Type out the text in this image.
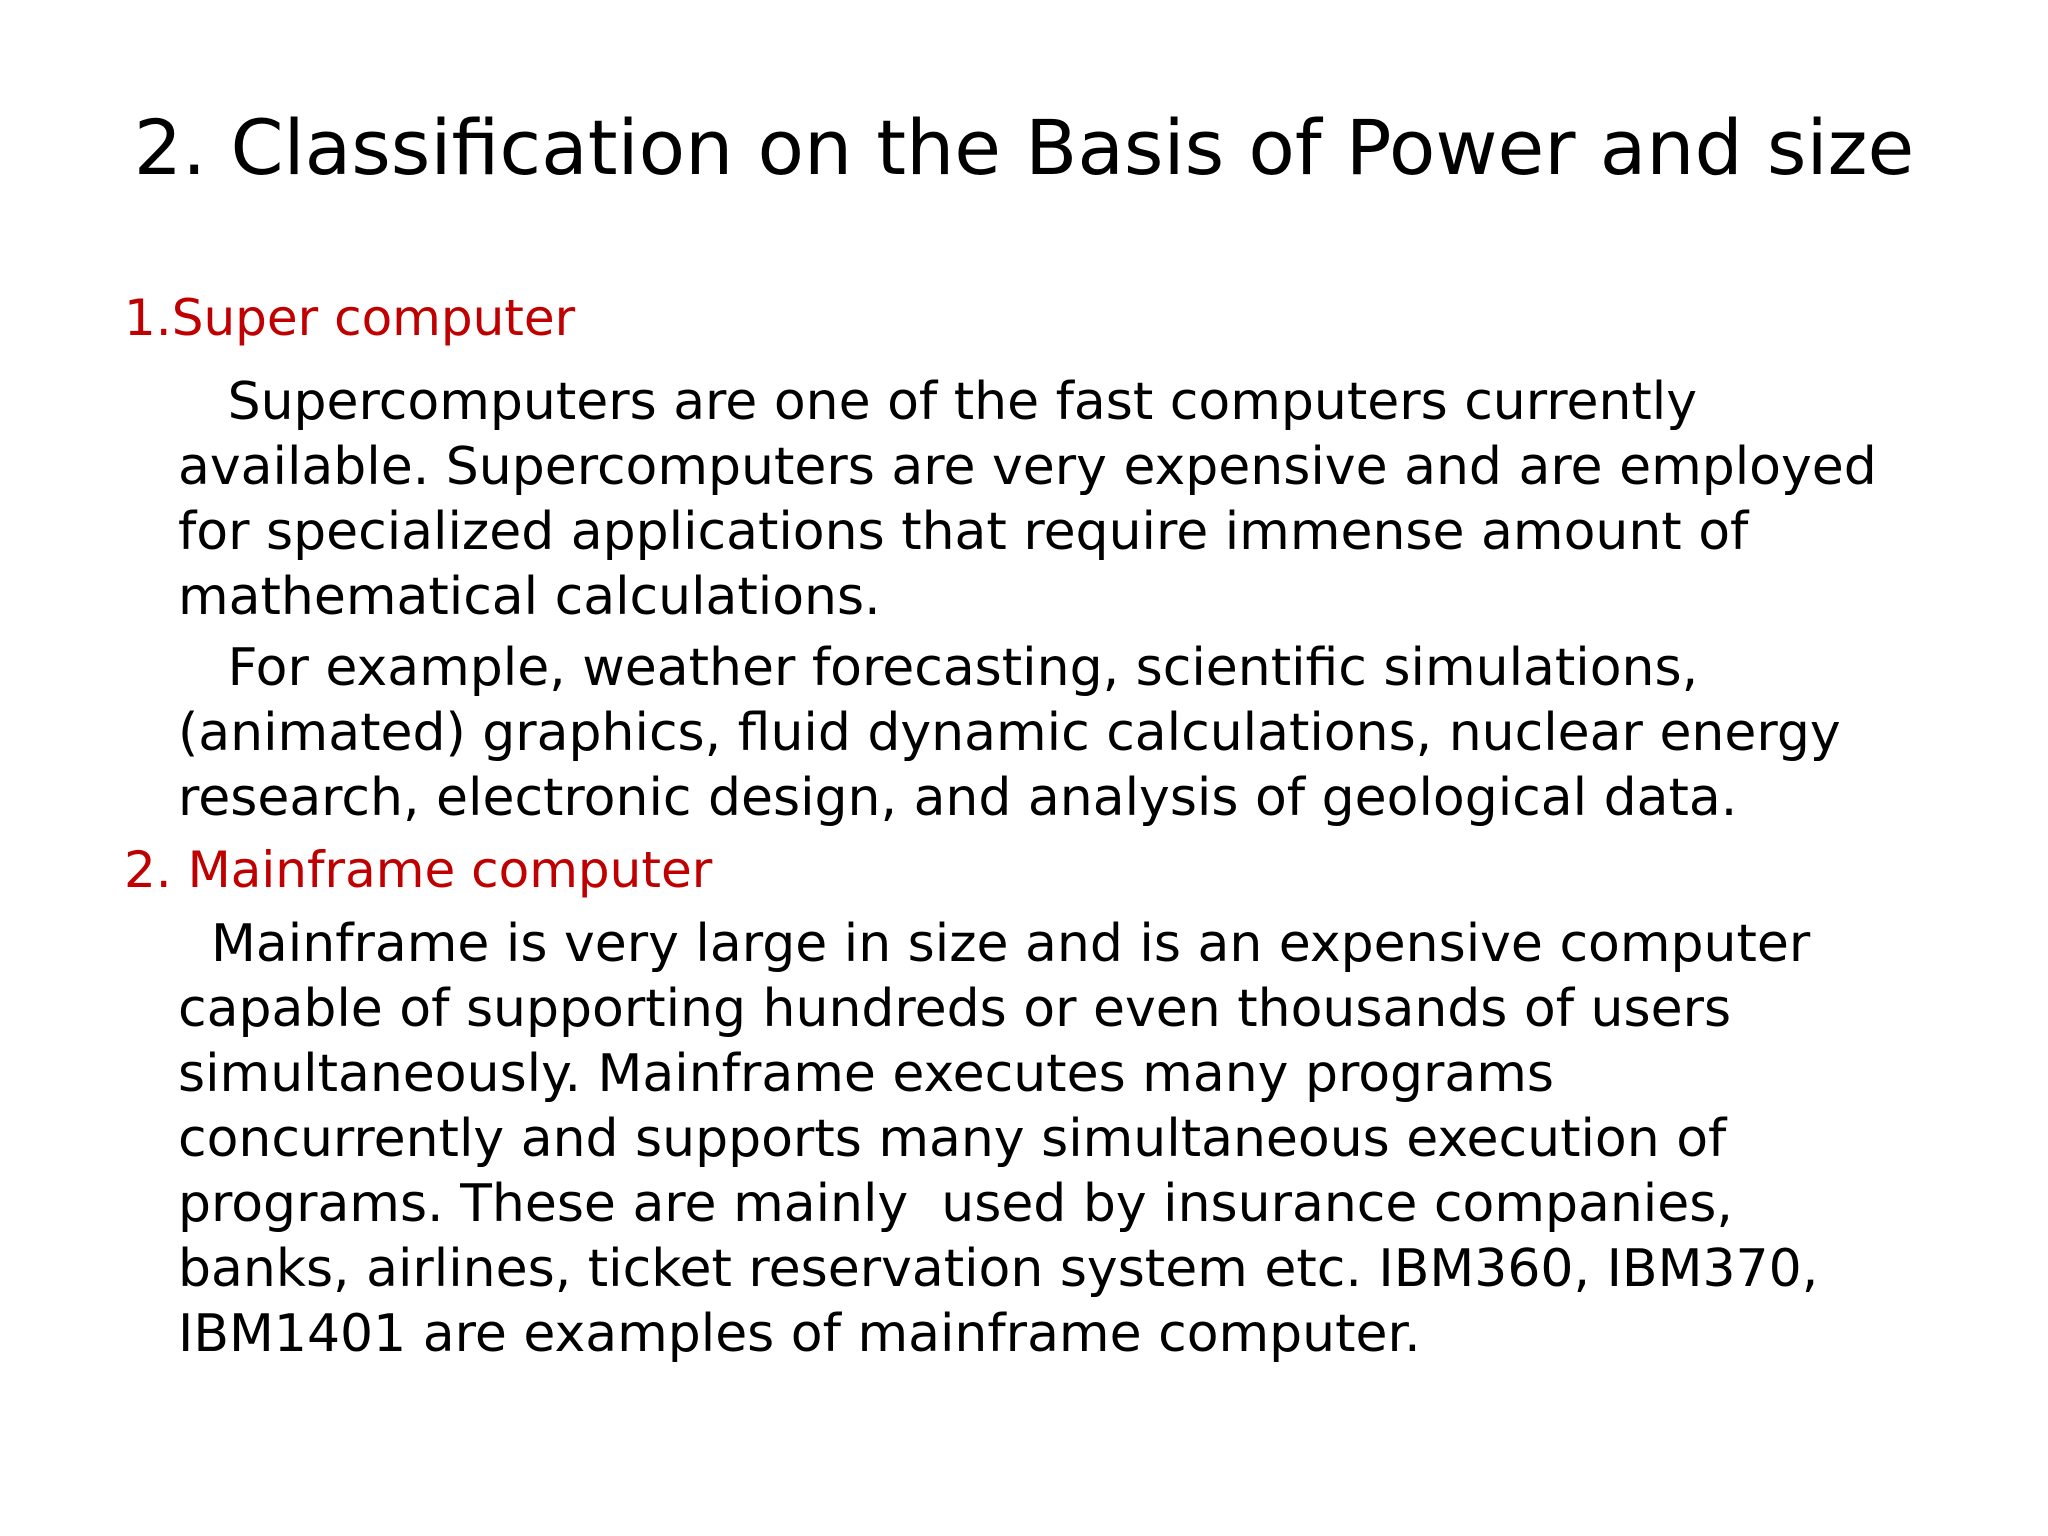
2. Classification on the Basis of Power and size
1.Super computer

Supercomputers are one of the fast computers currently
available. Supercomputers are very expensive and are employed
for specialized applications that require immense amount of
mathematical calculations.

For example, weather forecasting, scientific simulations,
(animated) graphics, fluid dynamic calculations, nuclear energy
research, electronic design, and analysis of geological data.

2. Mainframe computer

Mainframe is very large in size and is an expensive computer
capable of supporting hundreds or even thousands of users
simultaneously. Mainframe executes many programs
concurrently and supports many simultaneous execution of
programs. These are mainly  used by insurance companies,
banks, airlines, ticket reservation system etc. IBM360, IBM370,
IBM1401 are examples of mainframe computer.
